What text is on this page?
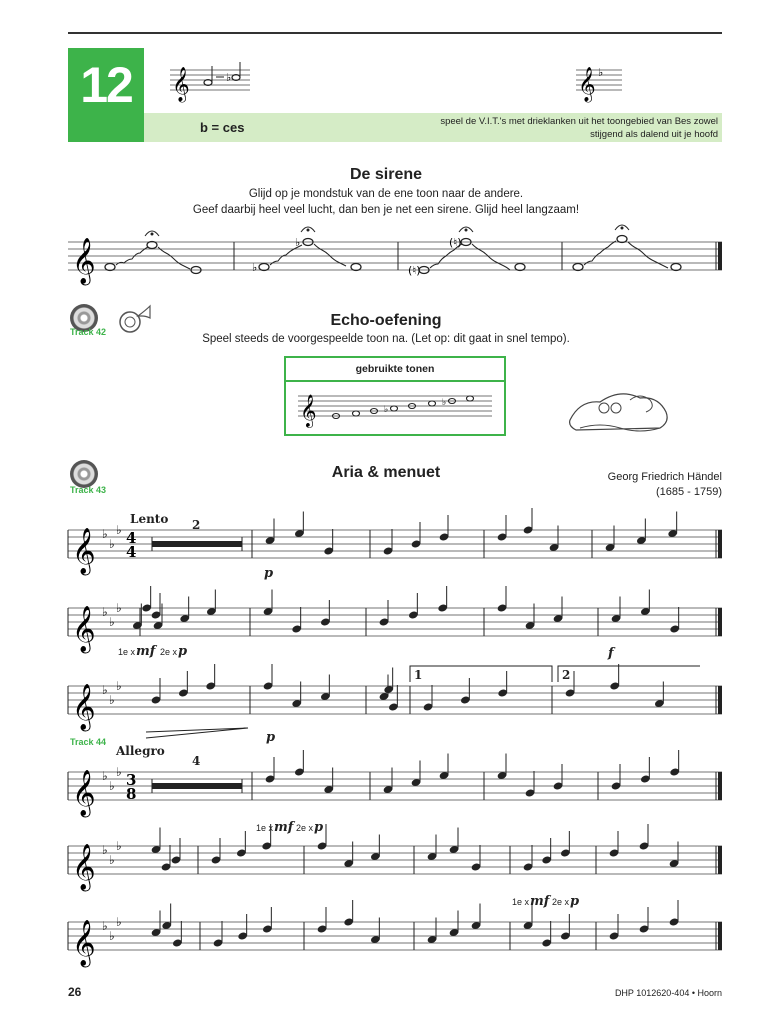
12
b = ces	speel de V.I.T.'s met drieklanken uit het toongebied van Bes zowel stijgend als dalend uit je hoofd
𝄞	♭	𝄞 ♭
De sirene
Glijd op je mondstuk van de ene toon naar de andere.
Geef daarbij heel veel lucht, dan ben je net een sirene. Glijd heel langzaam!
𝄞	♭
♭
(♮)
(♮)
Track 42
Echo-oefening
Speel steeds de voorgespeelde toon na. (Let op: dit gaat in snel tempo).
gebruikte tonen
𝄞	♭
♭
Track 43
Aria & menuet	Georg Friedrich Händel
(1685 - 1759)
Lento 2
p
1e x mf 2e x p	f
1	2
p
Track 44
Allegro
4
1e x mf 2e x p
1e x mf 2e x p
𝄞 ♭
♭
♭ 4
4
𝄞 ♭
♭
♭
𝄞 ♭
♭
♭
𝄞 ♭
♭
♭ 3
8
𝄞 ♭
♭
♭
𝄞 ♭
♭
♭
26	DHP 1012620-404 • Hoorn
